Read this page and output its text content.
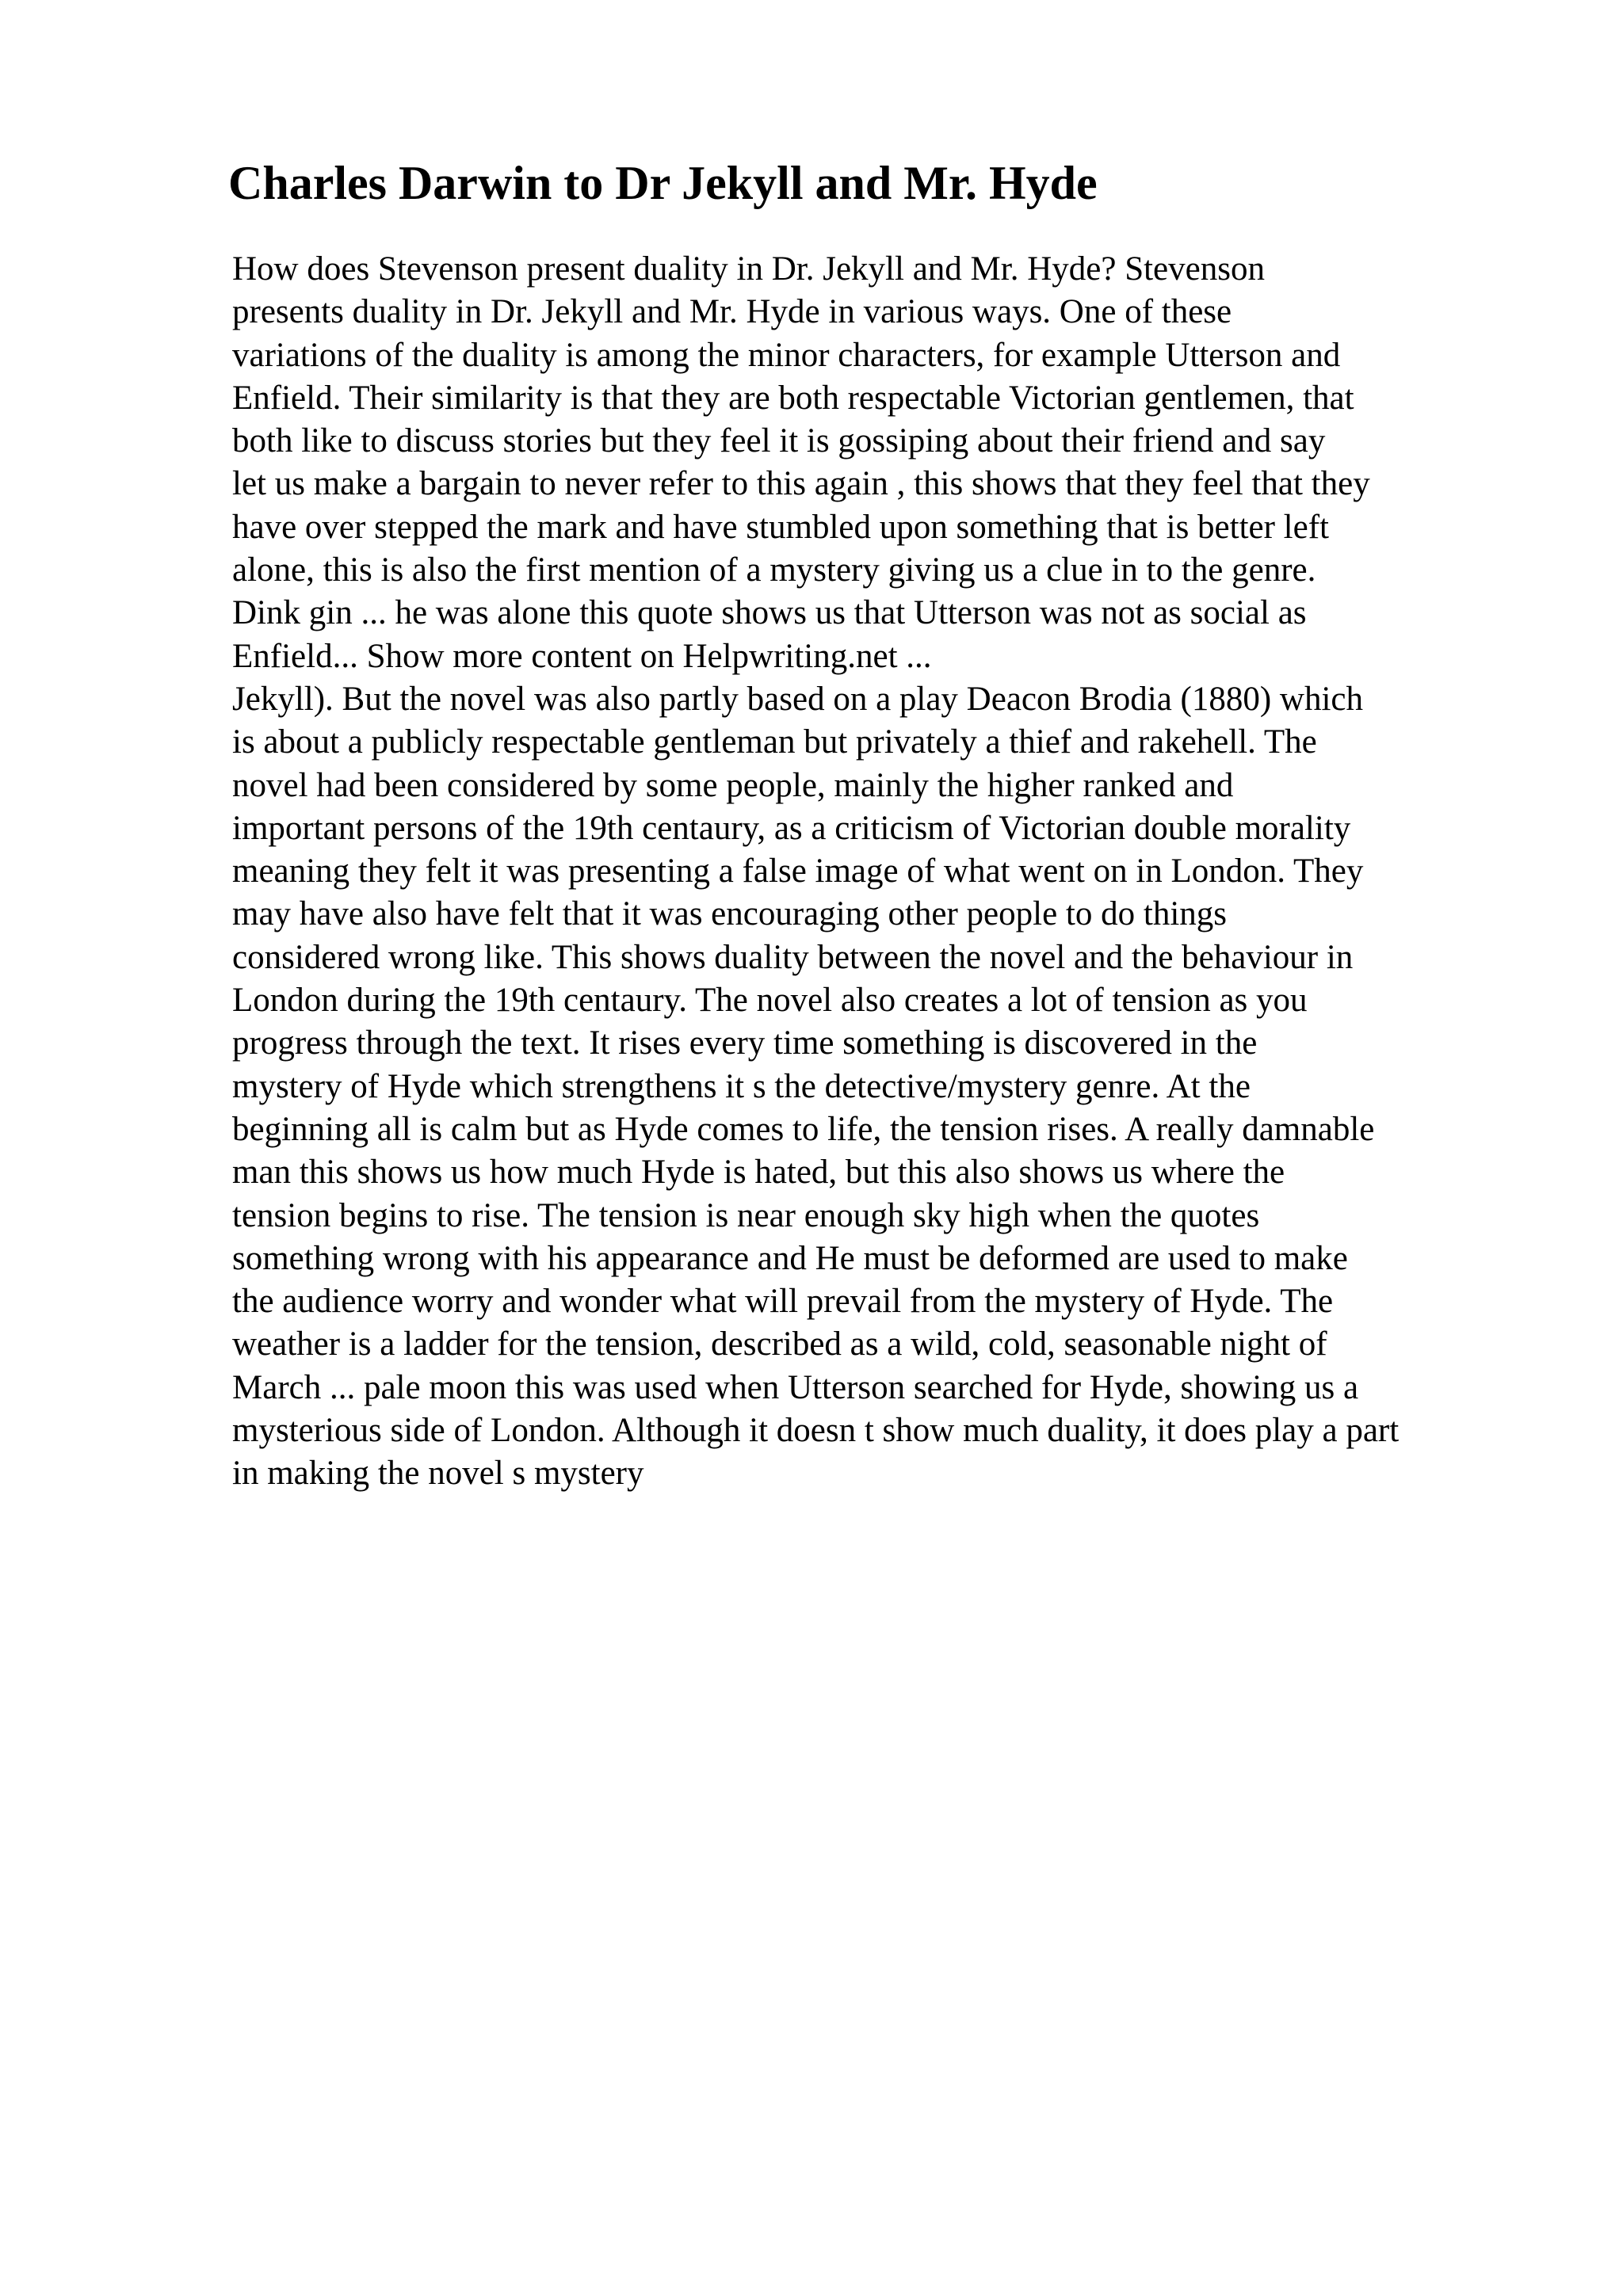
Charles Darwin to Dr Jekyll and Mr. Hyde
How does Stevenson present duality in Dr. Jekyll and Mr. Hyde? Stevenson
presents duality in Dr. Jekyll and Mr. Hyde in various ways. One of these
variations of the duality is among the minor characters, for example Utterson and
Enfield. Their similarity is that they are both respectable Victorian gentlemen, that
both like to discuss stories but they feel it is gossiping about their friend and say
let us make a bargain to never refer to this again , this shows that they feel that they
have over stepped the mark and have stumbled upon something that is better left
alone, this is also the first mention of a mystery giving us a clue in to the genre.
Dink gin ... he was alone this quote shows us that Utterson was not as social as
Enfield... Show more content on Helpwriting.net ...
Jekyll). But the novel was also partly based on a play Deacon Brodia (1880) which
is about a publicly respectable gentleman but privately a thief and rakehell. The
novel had been considered by some people, mainly the higher ranked and
important persons of the 19th centaury, as a criticism of Victorian double morality
meaning they felt it was presenting a false image of what went on in London. They
may have also have felt that it was encouraging other people to do things
considered wrong like. This shows duality between the novel and the behaviour in
London during the 19th centaury. The novel also creates a lot of tension as you
progress through the text. It rises every time something is discovered in the
mystery of Hyde which strengthens it s the detective/mystery genre. At the
beginning all is calm but as Hyde comes to life, the tension rises. A really damnable
man this shows us how much Hyde is hated, but this also shows us where the
tension begins to rise. The tension is near enough sky high when the quotes
something wrong with his appearance and He must be deformed are used to make
the audience worry and wonder what will prevail from the mystery of Hyde. The
weather is a ladder for the tension, described as a wild, cold, seasonable night of
March ... pale moon this was used when Utterson searched for Hyde, showing us a
mysterious side of London. Although it doesn t show much duality, it does play a part
in making the novel s mystery
